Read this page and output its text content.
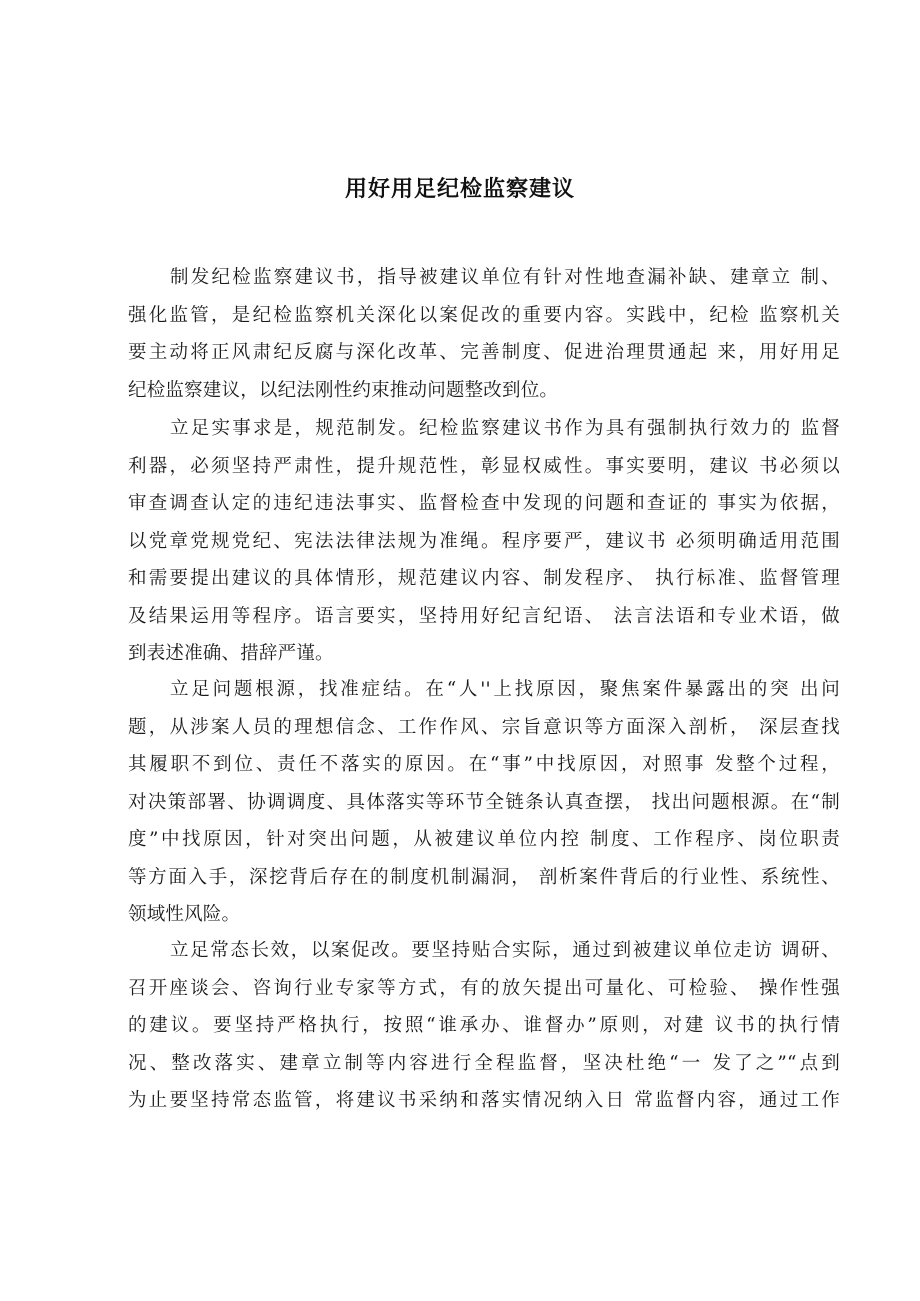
用好用足纪检监察建议
制发纪检监察建议书，指导被建议单位有针对性地查漏补缺、建章立 制、
强化监管，是纪检监察机关深化以案促改的重要内容。实践中，纪检 监察机关
要主动将正风肃纪反腐与深化改革、完善制度、促进治理贯通起 来，用好用足
纪检监察建议，以纪法刚性约束推动问题整改到位。
立足实事求是，规范制发。纪检监察建议书作为具有强制执行效力的 监督
利器，必须坚持严肃性，提升规范性，彰显权威性。事实要明，建议 书必须以
审查调查认定的违纪违法事实、监督检查中发现的问题和查证的 事实为依据，
以党章党规党纪、宪法法律法规为准绳。程序要严，建议书 必须明确适用范围
和需要提出建议的具体情形，规范建议内容、制发程序、 执行标准、监督管理
及结果运用等程序。语言要实，坚持用好纪言纪语、 法言法语和专业术语，做
到表述准确、措辞严谨。
立足问题根源，找准症结。在“人''上找原因，聚焦案件暴露出的突 出问
题，从涉案人员的理想信念、工作作风、宗旨意识等方面深入剖析， 深层查找
其履职不到位、责任不落实的原因。在“事”中找原因，对照事 发整个过程，
对决策部署、协调调度、具体落实等环节全链条认真查摆， 找出问题根源。在“制
度”中找原因，针对突出问题，从被建议单位内控 制度、工作程序、岗位职责
等方面入手，深挖背后存在的制度机制漏洞， 剖析案件背后的行业性、系统性、
领域性风险。
立足常态长效，以案促改。要坚持贴合实际，通过到被建议单位走访 调研、
召开座谈会、咨询行业专家等方式，有的放矢提出可量化、可检验、 操作性强
的建议。要坚持严格执行，按照“谁承办、谁督办”原则，对建 议书的执行情
况、整改落实、建章立制等内容进行全程监督，坚决杜绝“一 发了之”“点到
为止要坚持常态监管，将建议书采纳和落实情况纳入日 常监督内容，通过工作
